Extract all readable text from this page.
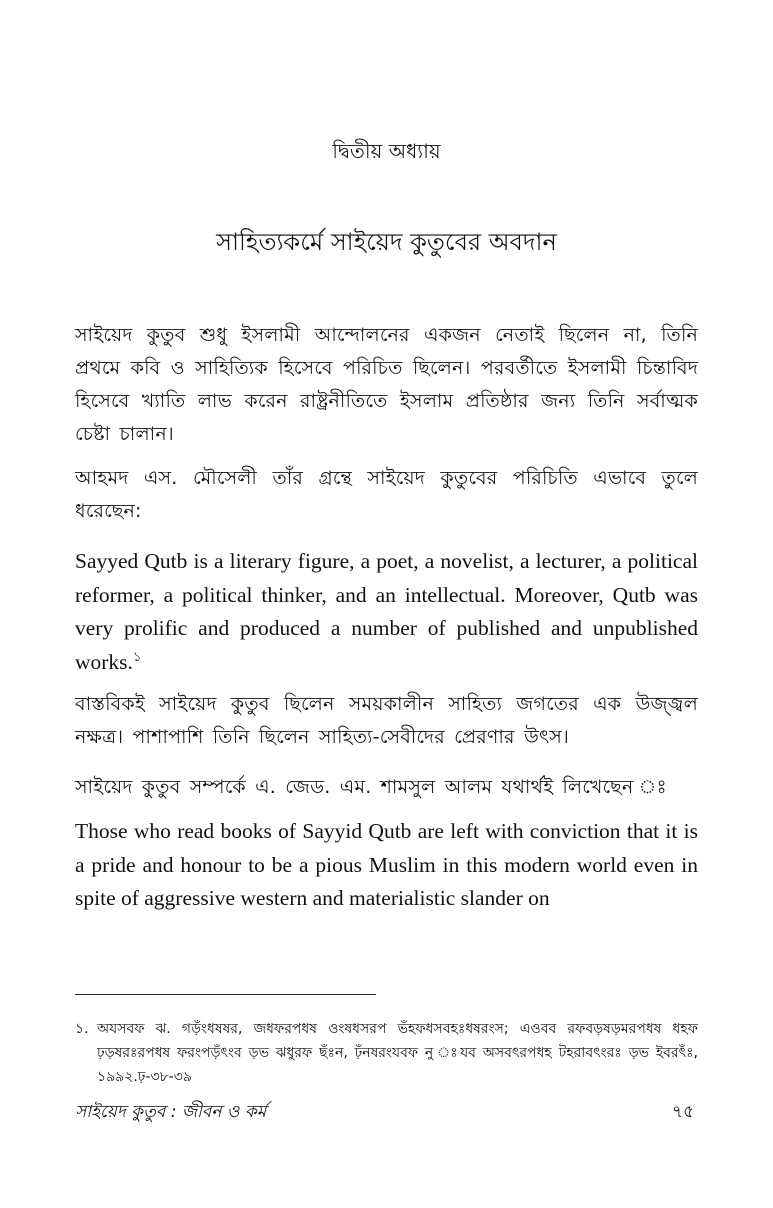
দ্বিতীয় অধ্যায়
সাহিত্যকর্মে সাইয়েদ কুতুবের অবদান

সাইয়েদ কুতুব শুধু ইসলামী আন্দোলনের একজন নেতাই ছিলেন না, তিনি প্রথমে কবি ও সাহিত্যিক হিসেবে পরিচিত ছিলেন। পরবর্তীতে ইসলামী চিন্তাবিদ হিসেবে খ্যাতি লাভ করেন রাষ্ট্রনীতিতে ইসলাম প্রতিষ্ঠার জন্য তিনি সর্বাত্মক চেষ্টা চালান।

আহমদ এস. মৌসেলী তাঁর গ্রন্থে সাইয়েদ কুতুবের পরিচিতি এভাবে তুলে ধরেছেন:

Sayyed Qutb is a literary figure, a poet, a novelist, a lecturer, a political reformer, a political thinker, and an intellectual. Moreover, Qutb was very prolific and produced a number of published and unpublished works.$^১$

বাস্তবিকই সাইয়েদ কুতুব ছিলেন সময়কালীন সাহিত্য জগতের এক উজ্জ্বল নক্ষত্র। পাশাপাশি তিনি ছিলেন সাহিত্য-সেবীদের প্রেরণার উৎস।

সাইয়েদ কুতুব সম্পর্কে এ. জেড. এম. শামসুল আলম যথার্থই লিখেছেন ঃ

Those who read books of Sayyid Qutb are left with conviction that it is a pride and honour to be a pious Muslim in this modern world even in spite of aggressive western and materialistic slander on

১. অযসবফ ঝ. গড়ঁংধষষর, জধফরপধষ ওংষধসরপ ভঁহফধসবহঃধষরংস; এওবব রফবড়ষড়মরপধষ ধহফ ঢ়ড়ষরঃরপধষ ফরংপড়ঁৎংব ড়ভ ঝধুরফ ছঁঃন, ঢ়ঁনষরংযবফ নু ঃযব অসবৎরপধহ টহরাবৎংরঃ ড়ভ ইবরৎঁঃ, ১৯৯২.ঢ়-৩৮-৩৯
সাইয়েদ কুতুব : জীবন ও কর্ম	৭৫
